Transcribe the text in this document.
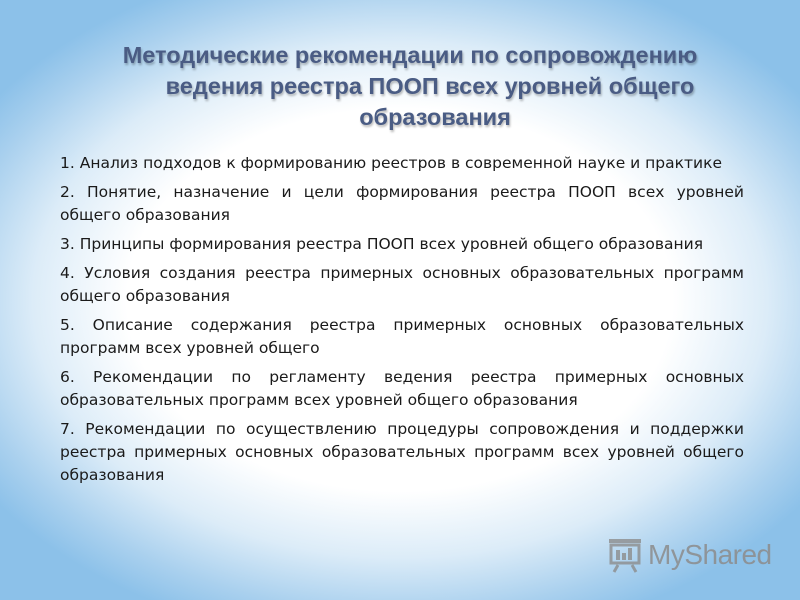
Методические рекомендации по сопровождению
ведения реестра ПООП всех уровней общего
образования
1. Анализ подходов к формированию реестров в современной науке и практике
2. Понятие, назначение и цели формирования реестра ПООП всех уровней общего образования
3. Принципы формирования реестра ПООП всех уровней общего образования
4. Условия создания реестра примерных основных образовательных программ общего образования
5. Описание содержания реестра примерных основных образовательных программ всех уровней общего
6. Рекомендации по регламенту ведения реестра примерных основных образовательных программ всех уровней общего образования
7. Рекомендации по осуществлению процедуры сопровождения и поддержки реестра примерных основных образовательных программ всех уровней общего образования
MyShared
